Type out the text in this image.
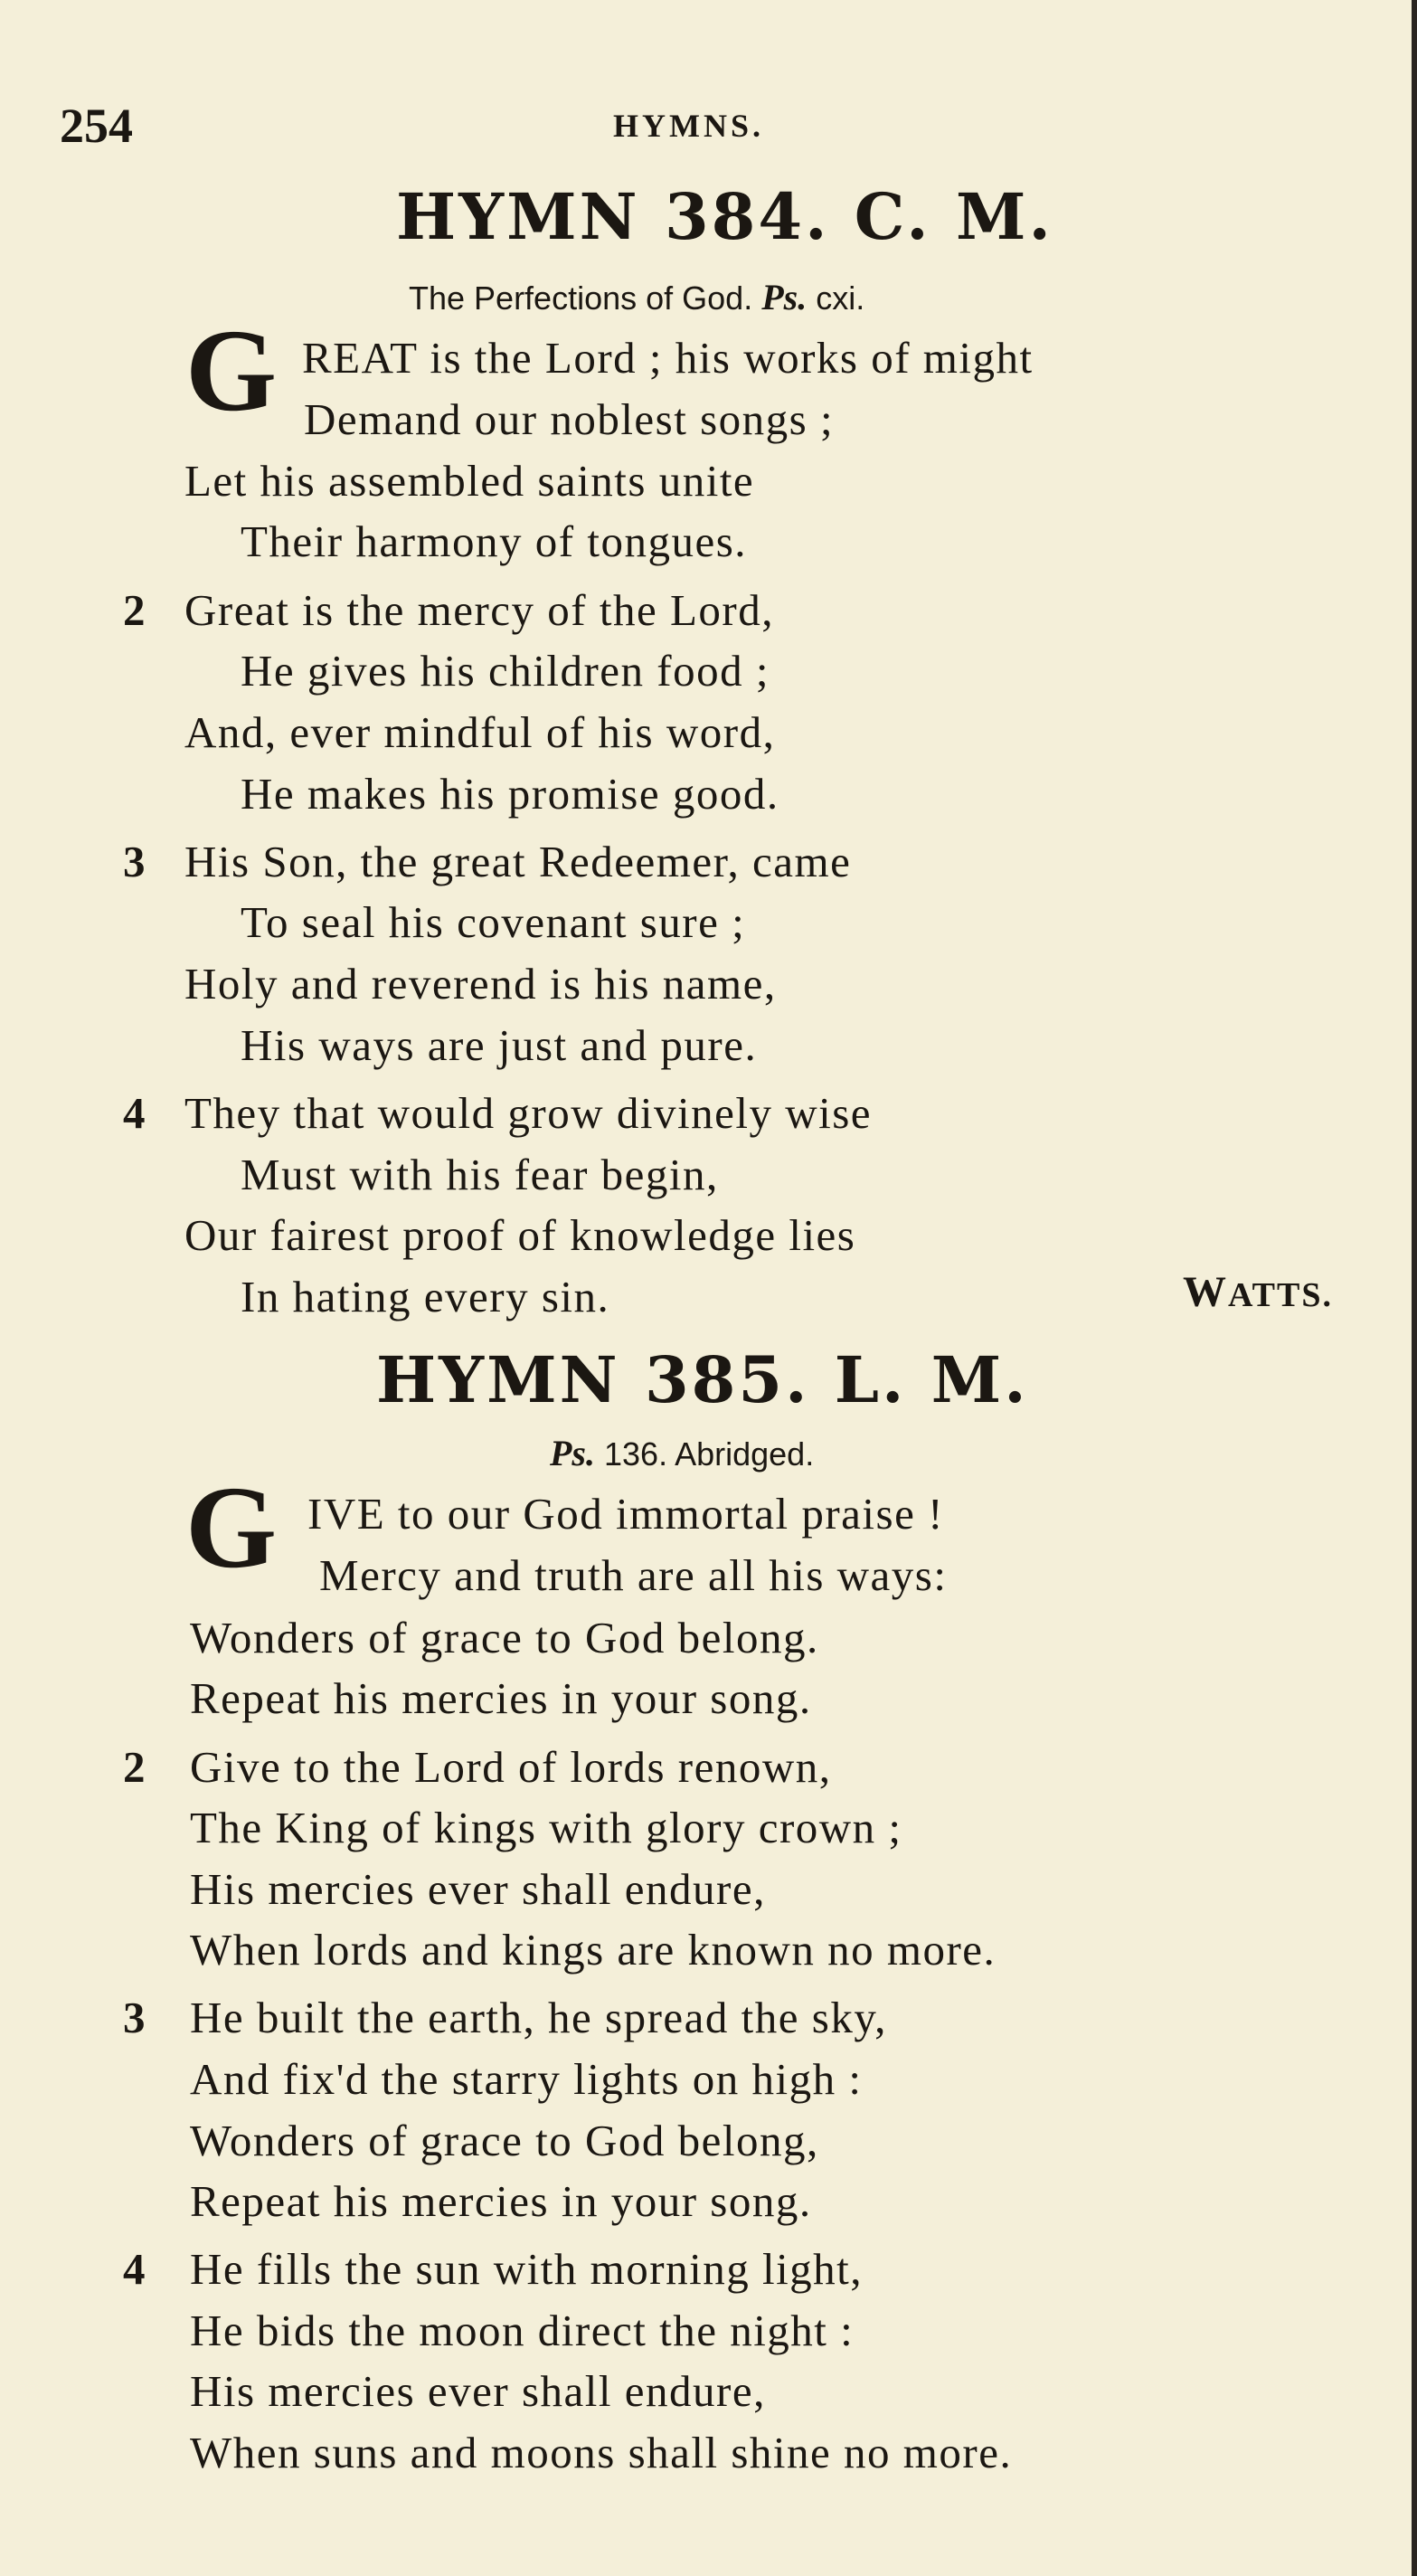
254	HYMNS.
HYMN 384. C. M.
The Perfections of God. Ps. cxi.
G REAT is the Lord ; his works of might
Demand our noblest songs ;
Let his assembled saints unite
Their harmony of tongues.
2 Great is the mercy of the Lord,
He gives his children food ;
And, ever mindful of his word,
He makes his promise good.
3 His Son, the great Redeemer, came
To seal his covenant sure ;
Holy and reverend is his name,
His ways are just and pure.
4 They that would grow divinely wise
Must with his fear begin,
Our fairest proof of knowledge lies
In hating every sin.	WATTS.
HYMN 385. L. M.
Ps. 136. Abridged.
G IVE to our God immortal praise !
Mercy and truth are all his ways:
Wonders of grace to God belong.
Repeat his mercies in your song.
2 Give to the Lord of lords renown,
The King of kings with glory crown ;
His mercies ever shall endure,
When lords and kings are known no more.
3 He built the earth, he spread the sky,
And fix'd the starry lights on high :
Wonders of grace to God belong,
Repeat his mercies in your song.
4 He fills the sun with morning light,
He bids the moon direct the night :
His mercies ever shall endure,
When suns and moons shall shine no more.
